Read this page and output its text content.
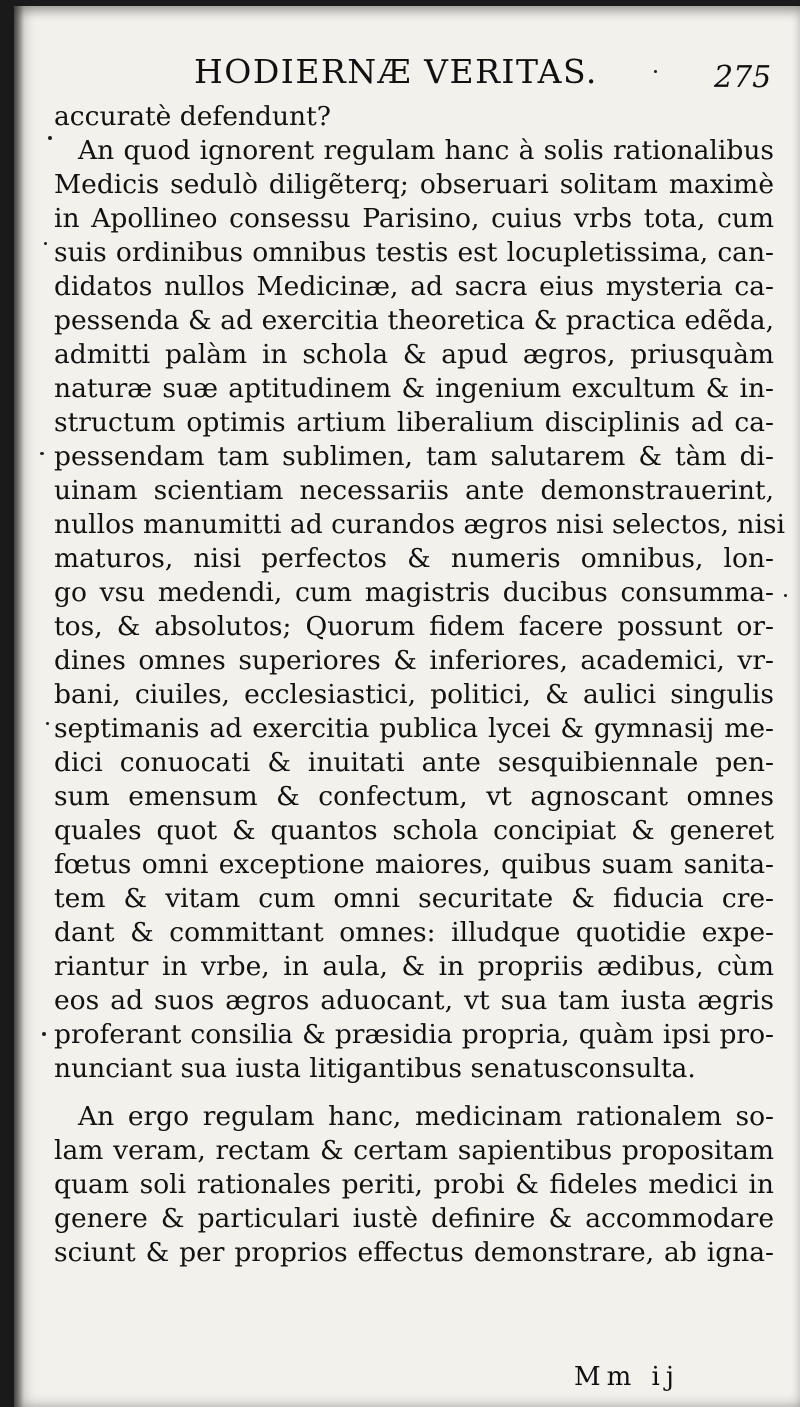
HODIERNÆ VERITAS.	275
accuratè defendunt?
An quod ignorent regulam hanc à solis rationalibus
Medicis sedulò diligẽterq; obseruari solitam maximè
in Apollineo consessu Parisino, cuius vrbs tota, cum
suis ordinibus omnibus testis est locupletissima, can-
didatos nullos Medicinæ, ad sacra eius mysteria ca-
pessenda & ad exercitia theoretica & practica edẽda,
admitti palàm in schola & apud ægros, priusquàm
naturæ suæ aptitudinem & ingenium excultum & in-
structum optimis artium liberalium disciplinis ad ca-
pessendam tam sublimen, tam salutarem & tàm di-
uinam scientiam necessariis ante demonstrauerint,
nullos manumitti ad curandos ægros nisi selectos, nisi
maturos, nisi perfectos & numeris omnibus, lon-
go vsu medendi, cum magistris ducibus consumma-
tos, & absolutos; Quorum fidem facere possunt or-
dines omnes superiores & inferiores, academici, vr-
bani, ciuiles, ecclesiastici, politici, & aulici singulis
septimanis ad exercitia publica lycei & gymnasij me-
dici conuocati & inuitati ante sesquibiennale pen-
sum emensum & confectum, vt agnoscant omnes
quales quot & quantos schola concipiat & generet
fœtus omni exceptione maiores, quibus suam sanita-
tem & vitam cum omni securitate & fiducia cre-
dant & committant omnes: illudque quotidie expe-
riantur in vrbe, in aula, & in propriis ædibus, cùm
eos ad suos ægros aduocant, vt sua tam iusta ægris
proferant consilia & præsidia propria, quàm ipsi pro-
nunciant sua iusta litigantibus senatusconsulta.
An ergo regulam hanc, medicinam rationalem so-
lam veram, rectam & certam sapientibus propositam
quam soli rationales periti, probi & fideles medici in
genere & particulari iustè definire & accommodare
sciunt & per proprios effectus demonstrare, ab igna-
Mm ij
